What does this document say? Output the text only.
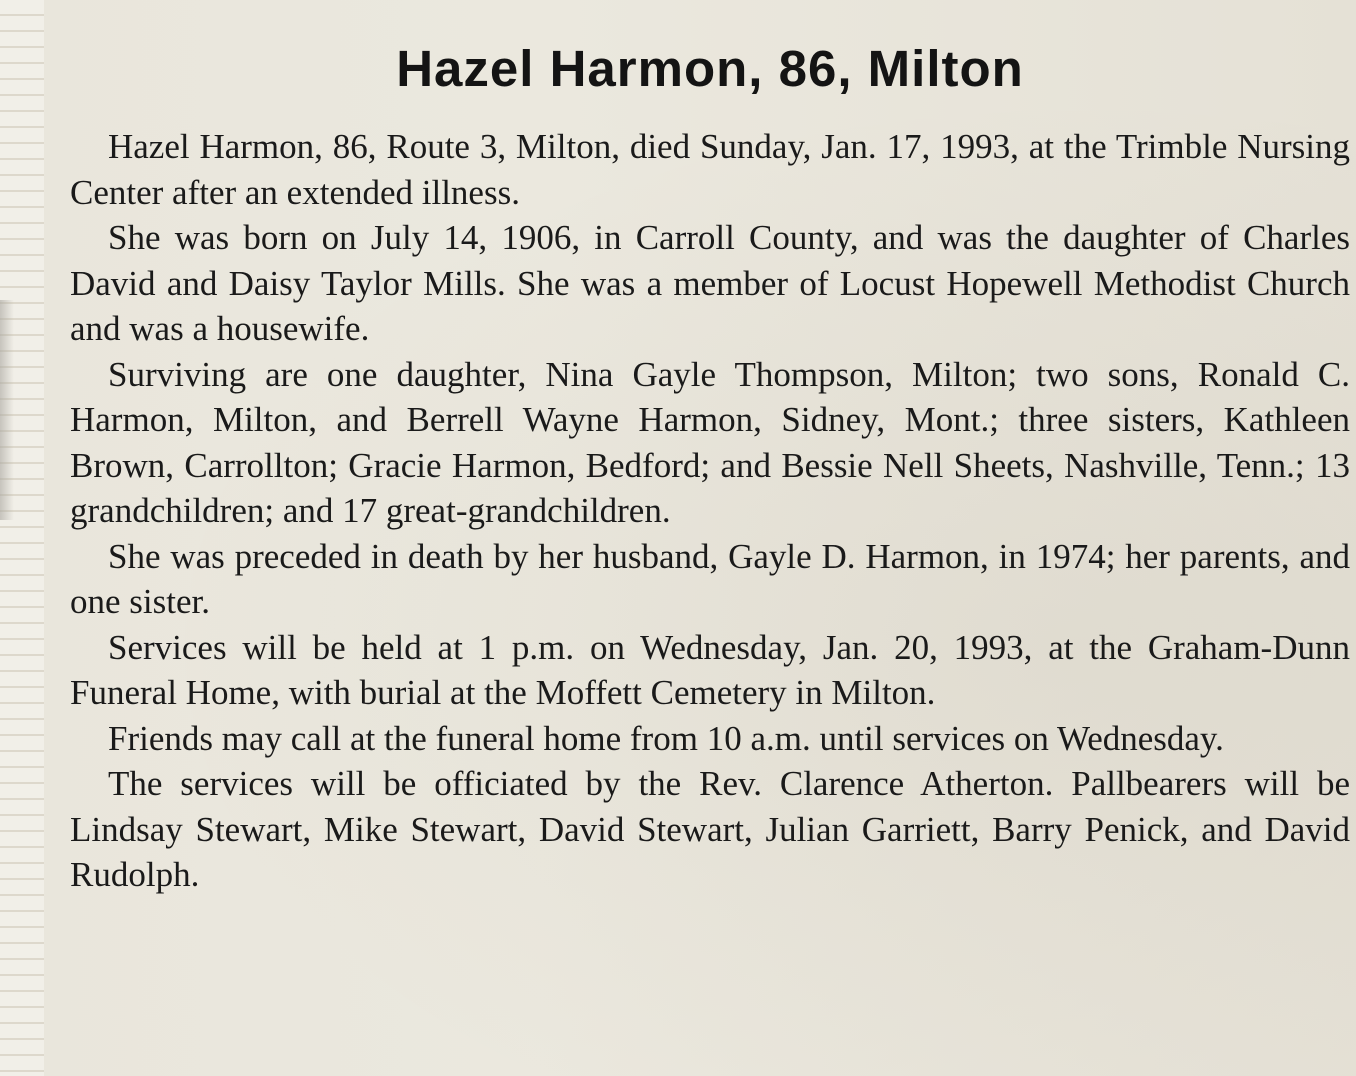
Hazel Harmon, 86, Milton

Hazel Harmon, 86, Route 3, Milton, died Sunday, Jan. 17, 1993, at the Trimble Nursing Center after an extended illness.

She was born on July 14, 1906, in Carroll County, and was the daughter of Charles David and Daisy Taylor Mills. She was a member of Locust Hopewell Methodist Church and was a housewife.

Surviving are one daughter, Nina Gayle Thompson, Milton; two sons, Ronald C. Harmon, Milton, and Berrell Wayne Harmon, Sidney, Mont.; three sisters, Kathleen Brown, Carrollton; Gracie Harmon, Bedford; and Bessie Nell Sheets, Nashville, Tenn.; 13 grandchildren; and 17 great-grandchildren.

She was preceded in death by her husband, Gayle D. Harmon, in 1974; her parents, and one sister.

Services will be held at 1 p.m. on Wednesday, Jan. 20, 1993, at the Graham-Dunn Funeral Home, with burial at the Moffett Cemetery in Milton.

Friends may call at the funeral home from 10 a.m. until services on Wednesday.

The services will be officiated by the Rev. Clarence Atherton. Pallbearers will be Lindsay Stewart, Mike Stewart, David Stewart, Julian Garriett, Barry Penick, and David Rudolph.
